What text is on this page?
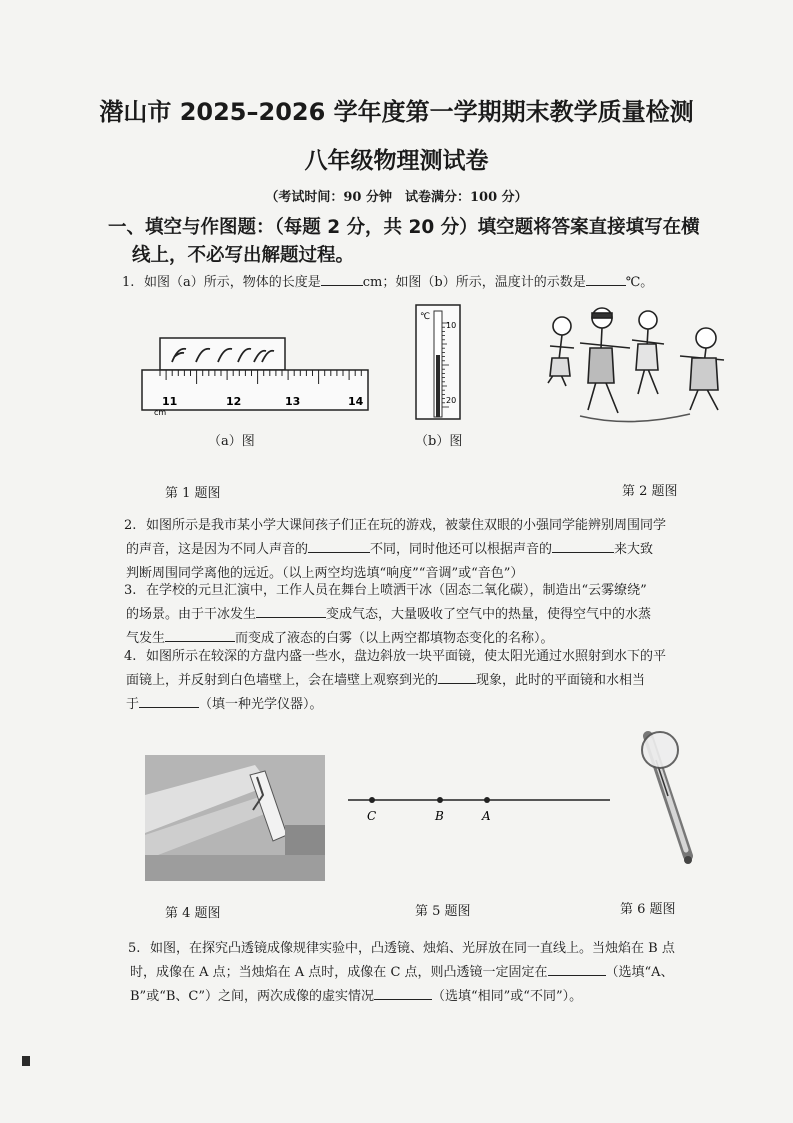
潜山市 2025–2026 学年度第一学期期末教学质量检测
八年级物理测试卷
（考试时间：90 分钟　试卷满分：100 分）
一、填空与作图题：（每题 2 分，共 20 分）填空题将答案直接填写在横
线上，不必写出解题过程。
1. 如图（a）所示，物体的长度是	cm；如图（b）所示，温度计的示数是	℃。
11	12	13	14
cm
（a）图
℃
10
20
（b）图
第 1 题图	第 2 题图
2. 如图所示是我市某小学大课间孩子们正在玩的游戏，被蒙住双眼的小强同学能辨别周围同学
的声音，这是因为不同人声音的	不同，同时他还可以根据声音的	来大致
判断周围同学离他的远近。（以上两空均选填“响度”“音调”或“音色”）
3. 在学校的元旦汇演中，工作人员在舞台上喷洒干冰（固态二氧化碳），制造出“云雾缭绕”
的场景。由于干冰发生	变成气态，大量吸收了空气中的热量，使得空气中的水蒸
气发生	而变成了液态的白雾（以上两空都填物态变化的名称）。
4. 如图所示在较深的方盘内盛一些水，盘边斜放一块平面镜，使太阳光通过水照射到水下的平
面镜上，并反射到白色墙壁上，会在墙壁上观察到光的	现象，此时的平面镜和水相当
于	（填一种光学仪器）。
第 4 题图
C	B	A
第 5 题图	第 6 题图
5. 如图，在探究凸透镜成像规律实验中，凸透镜、烛焰、光屏放在同一直线上。当烛焰在 B 点
时，成像在 A 点；当烛焰在 A 点时，成像在 C 点，则凸透镜一定固定在	（选填“A、
B”或“B、C”）之间，两次成像的虚实情况	（选填“相同”或“不同”）。
